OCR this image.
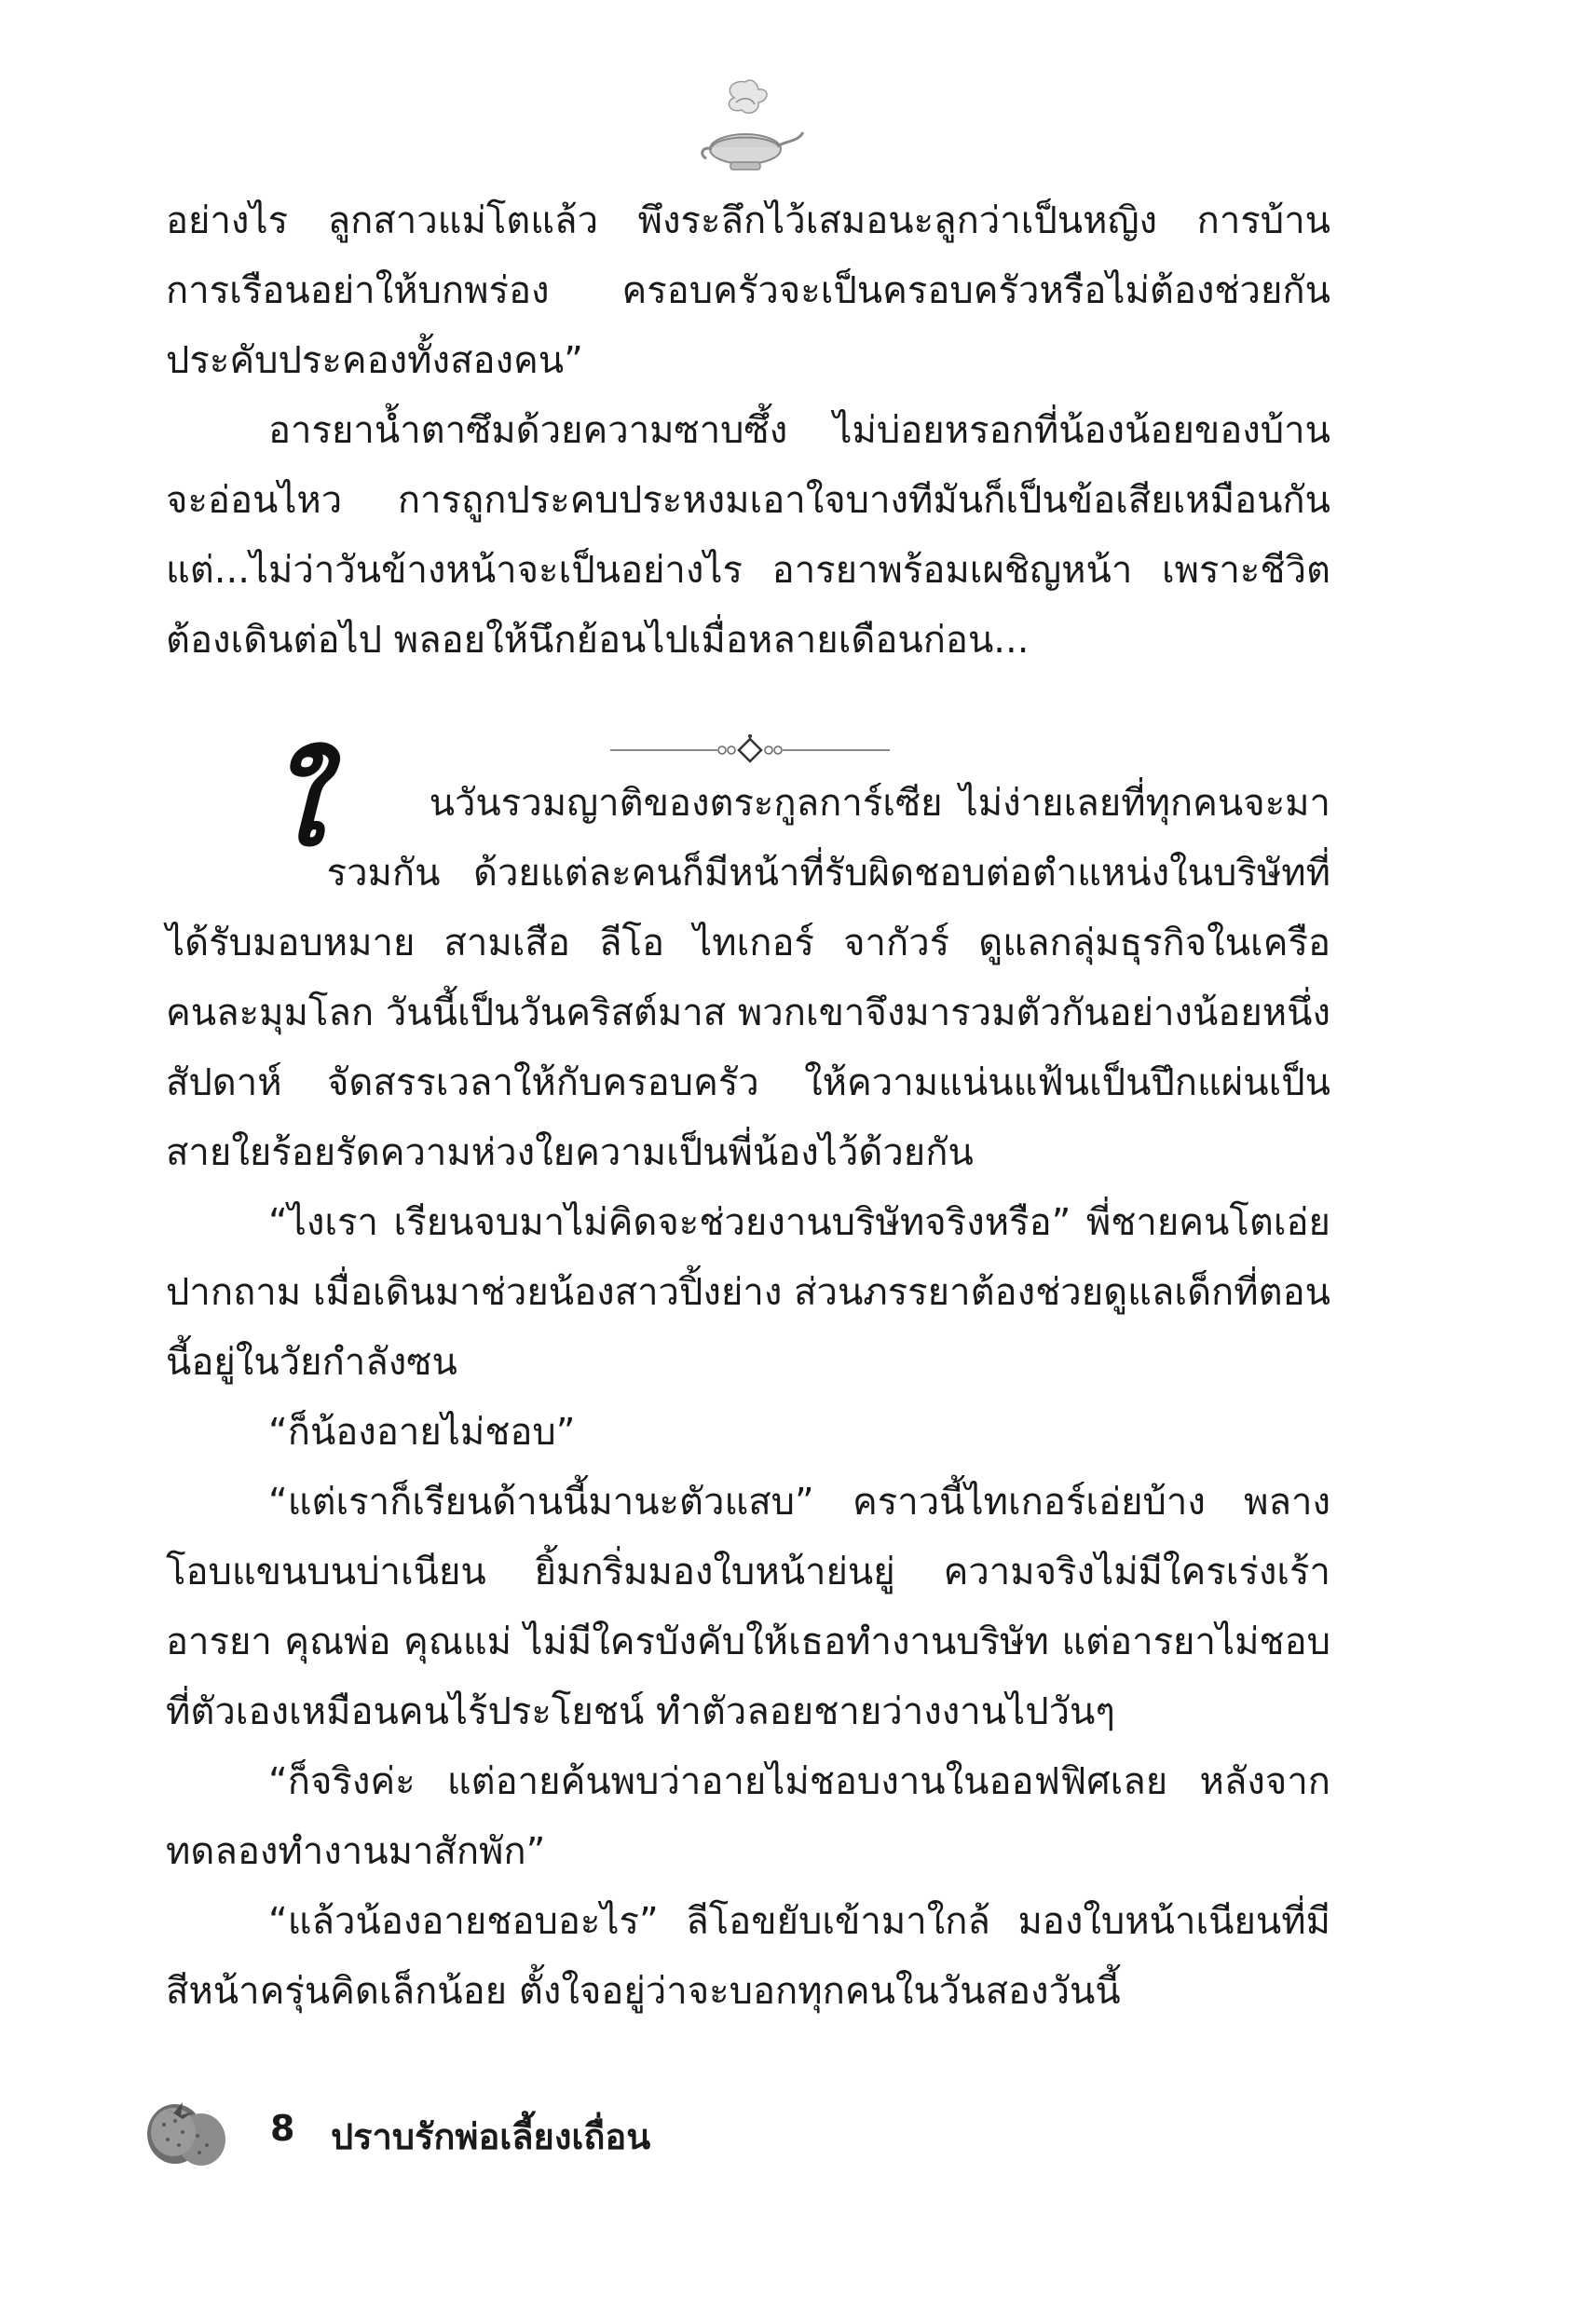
อย่างไร ลูกสาวแม่โตแล้ว พึงระลึกไว้เสมอนะลูกว่าเป็นหญิง การบ้านการเรือนอย่าให้บกพร่อง ครอบครัวจะเป็นครอบครัวหรือไม่ต้องช่วยกันประคับประคองทั้งสองคน”

อารยาน้ำตาซึมด้วยความซาบซึ้ง ไม่บ่อยหรอกที่น้องน้อยของบ้านจะอ่อนไหว การถูกประคบประหงมเอาใจบางทีมันก็เป็นข้อเสียเหมือนกัน แต่...ไม่ว่าวันข้างหน้าจะเป็นอย่างไร อารยาพร้อมเผชิญหน้า เพราะชีวิตต้องเดินต่อไป พลอยให้นึกย้อนไปเมื่อหลายเดือนก่อน...

ใ	นวันรวมญาติของตระกูลการ์เซีย ไม่ง่ายเลยที่ทุกคนจะมารวมกัน ด้วยแต่ละคนก็มีหน้าที่รับผิดชอบต่อตำแหน่งในบริษัทที่ได้รับมอบหมาย สามเสือ ลีโอ ไทเกอร์ จากัวร์ ดูแลกลุ่มธุรกิจในเครือคนละมุมโลก วันนี้เป็นวันคริสต์มาส พวกเขาจึงมารวมตัวกันอย่างน้อยหนึ่งสัปดาห์ จัดสรรเวลาให้กับครอบครัว ให้ความแน่นแฟ้นเป็นปึกแผ่นเป็นสายใยร้อยรัดความห่วงใยความเป็นพี่น้องไว้ด้วยกัน

“ไงเรา เรียนจบมาไม่คิดจะช่วยงานบริษัทจริงหรือ” พี่ชายคนโตเอ่ยปากถาม เมื่อเดินมาช่วยน้องสาวปิ้งย่าง ส่วนภรรยาต้องช่วยดูแลเด็กที่ตอนนี้อยู่ในวัยกำลังซน

“ก็น้องอายไม่ชอบ”

“แต่เราก็เรียนด้านนี้มานะตัวแสบ” คราวนี้ไทเกอร์เอ่ยบ้าง พลางโอบแขนบนบ่าเนียน ยิ้มกริ่มมองใบหน้าย่นยู่ ความจริงไม่มีใครเร่งเร้าอารยา คุณพ่อ คุณแม่ ไม่มีใครบังคับให้เธอทำงานบริษัท แต่อารยาไม่ชอบที่ตัวเองเหมือนคนไร้ประโยชน์ ทำตัวลอยชายว่างงานไปวันๆ

“ก็จริงค่ะ แต่อายค้นพบว่าอายไม่ชอบงานในออฟฟิศเลย หลังจากทดลองทำงานมาสักพัก”

“แล้วน้องอายชอบอะไร” ลีโอขยับเข้ามาใกล้ มองใบหน้าเนียนที่มีสีหน้าครุ่นคิดเล็กน้อย ตั้งใจอยู่ว่าจะบอกทุกคนในวันสองวันนี้

8 ปราบรักพ่อเลี้ยงเถื่อน
